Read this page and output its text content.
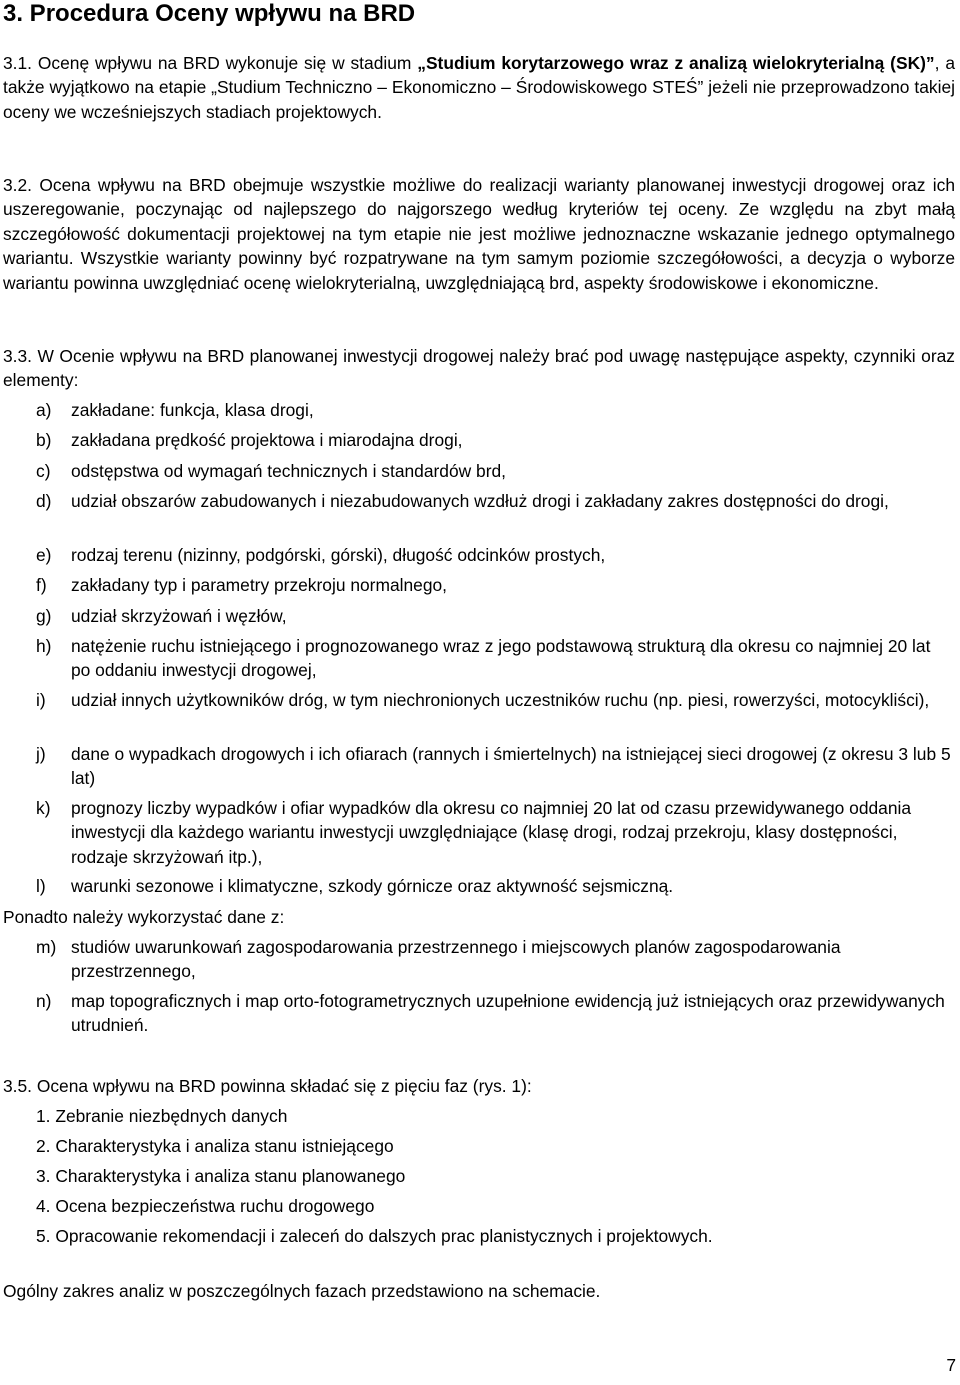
3. Procedura Oceny wpływu na BRD

3.1. Ocenę wpływu na BRD wykonuje się w stadium „Studium korytarzowego wraz z analizą wielokryterialną (SK)”, a także wyjątkowo na etapie „Studium Techniczno – Ekonomiczno – Środowiskowego STEŚ” jeżeli nie przeprowadzono takiej oceny we wcześniejszych stadiach projektowych.

3.2. Ocena wpływu na BRD obejmuje wszystkie możliwe do realizacji warianty planowanej inwestycji drogowej oraz ich uszeregowanie, poczynając od najlepszego do najgorszego według kryteriów tej oceny. Ze względu na zbyt małą szczegółowość dokumentacji projektowej na tym etapie nie jest możliwe jednoznaczne wskazanie jednego optymalnego wariantu. Wszystkie warianty powinny być rozpatrywane na tym samym poziomie szczegółowości, a decyzja o wyborze wariantu powinna uwzględniać ocenę wielokryterialną, uwzględniającą brd, aspekty środowiskowe i ekonomiczne.

3.3. W Ocenie wpływu na BRD planowanej inwestycji drogowej należy brać pod uwagę następujące aspekty, czynniki oraz elementy:

a) zakładane: funkcja, klasa drogi,
b) zakładana prędkość projektowa i miarodajna drogi,
c) odstępstwa od wymagań technicznych i standardów brd,
d) udział obszarów zabudowanych i niezabudowanych wzdłuż drogi i zakładany zakres dostępności do drogi,
e) rodzaj terenu (nizinny, podgórski, górski), długość odcinków prostych,
f) zakładany typ i parametry przekroju normalnego,
g) udział skrzyżowań i węzłów,
h) natężenie ruchu istniejącego i prognozowanego wraz z jego podstawową strukturą dla okresu co najmniej 20 lat po oddaniu inwestycji drogowej,
i) udział innych użytkowników dróg, w tym niechronionych uczestników ruchu (np. piesi, rowerzyści, motocykliści),
j) dane o wypadkach drogowych i ich ofiarach (rannych i śmiertelnych) na istniejącej sieci drogowej (z okresu 3 lub 5 lat)
k) prognozy liczby wypadków i ofiar wypadków dla okresu co najmniej 20 lat od czasu przewidywanego oddania inwestycji dla każdego wariantu inwestycji uwzględniające (klasę drogi, rodzaj przekroju, klasy dostępności, rodzaje skrzyżowań itp.),
l) warunki sezonowe i klimatyczne, szkody górnicze oraz aktywność sejsmiczną.

Ponadto należy wykorzystać dane z:

m) studiów uwarunkowań zagospodarowania przestrzennego i miejscowych planów zagospodarowania przestrzennego,
n) map topograficznych i map orto-fotogrametrycznych uzupełnione ewidencją już istniejących oraz przewidywanych utrudnień.

3.5. Ocena wpływu na BRD powinna składać się z pięciu faz (rys. 1):

1. Zebranie niezbędnych danych
2. Charakterystyka i analiza stanu istniejącego
3. Charakterystyka i analiza stanu planowanego
4. Ocena bezpieczeństwa ruchu drogowego
5. Opracowanie rekomendacji i zaleceń do dalszych prac planistycznych i projektowych.

Ogólny zakres analiz w poszczególnych fazach przedstawiono na schemacie.

7
